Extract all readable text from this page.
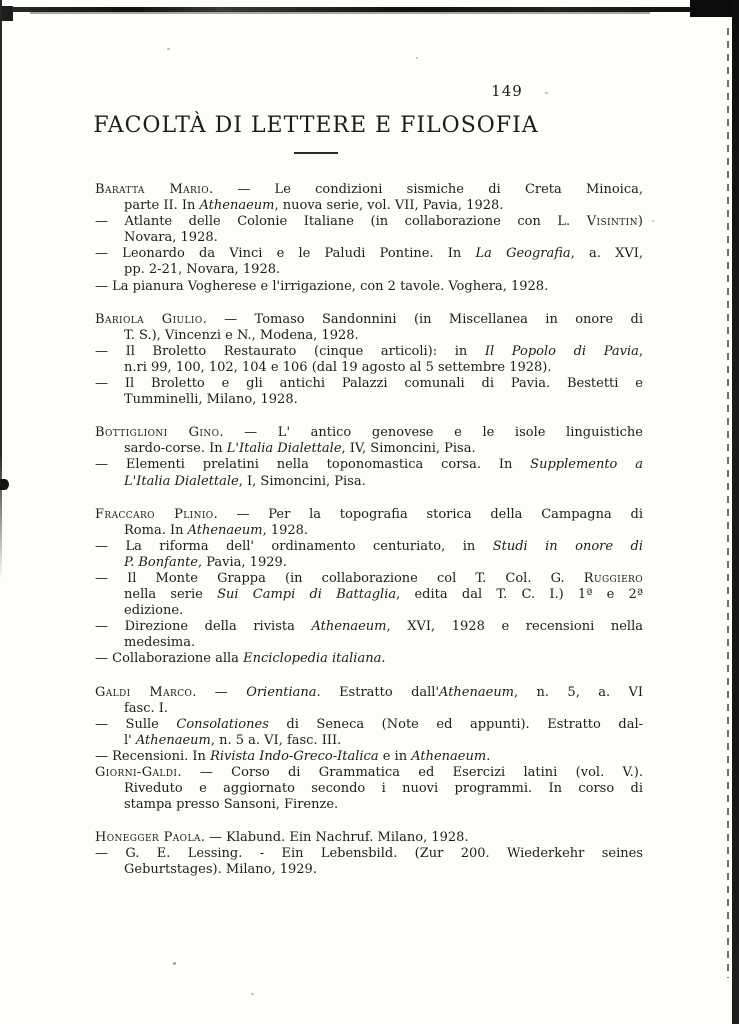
149
FACOLTÀ DI LETTERE E FILOSOFIA
Baratta Mario. — Le condizioni sismiche di Creta Minoica,
parte II. In Athenaeum, nuova serie, vol. VII, Pavia, 1928.
— Atlante delle Colonie Italiane (in collaborazione con L. Visintin)
Novara, 1928.
— Leonardo da Vinci e le Paludi Pontine. In La Geografia, a. XVI,
pp. 2-21, Novara, 1928.
— La pianura Vogherese e l'irrigazione, con 2 tavole. Voghera, 1928.
Bariola Giulio. — Tomaso Sandonnini (in Miscellanea in onore di
T. S.), Vincenzi e N., Modena, 1928.
— Il Broletto Restaurato (cinque articoli): in Il Popolo di Pavia,
n.ri 99, 100, 102, 104 e 106 (dal 19 agosto al 5 settembre 1928).
— Il Broletto e gli antichi Palazzi comunali di Pavia. Bestetti e
Tumminelli, Milano, 1928.
Bottiglioni Gino. — L' antico genovese e le isole linguistiche
sardo-corse. In L'Italia Dialettale, IV, Simoncini, Pisa.
— Elementi prelatini nella toponomastica corsa. In Supplemento a
L'Italia Dialettale, I, Simoncini, Pisa.
Fraccaro Plinio. — Per la topografia storica della Campagna di
Roma. In Athenaeum, 1928.
— La riforma dell' ordinamento centuriato, in Studi in onore di
P. Bonfante, Pavia, 1929.
— Il Monte Grappa (in collaborazione col T. Col. G. Ruggiero
nella serie Sui Campi di Battaglia, edita dal T. C. I.) 1ª e 2ª
edizione.
— Direzione della rivista Athenaeum, XVI, 1928 e recensioni nella
medesima.
— Collaborazione alla Enciclopedia italiana.
Galdi Marco. — Orientiana. Estratto dall'Athenaeum, n. 5, a. VI
fasc. I.
— Sulle Consolationes di Seneca (Note ed appunti). Estratto dal-
l' Athenaeum, n. 5 a. VI, fasc. III.
— Recensioni. In Rivista Indo-Greco-Italica e in Athenaeum.
Giorni-Galdi. — Corso di Grammatica ed Esercizi latini (vol. V.).
Riveduto e aggiornato secondo i nuovi programmi. In corso di
stampa presso Sansoni, Firenze.
Honegger Paola. — Klabund. Ein Nachruf. Milano, 1928.
— G. E. Lessing. - Ein Lebensbild. (Zur 200. Wiederkehr seines
Geburtstages). Milano, 1929.
